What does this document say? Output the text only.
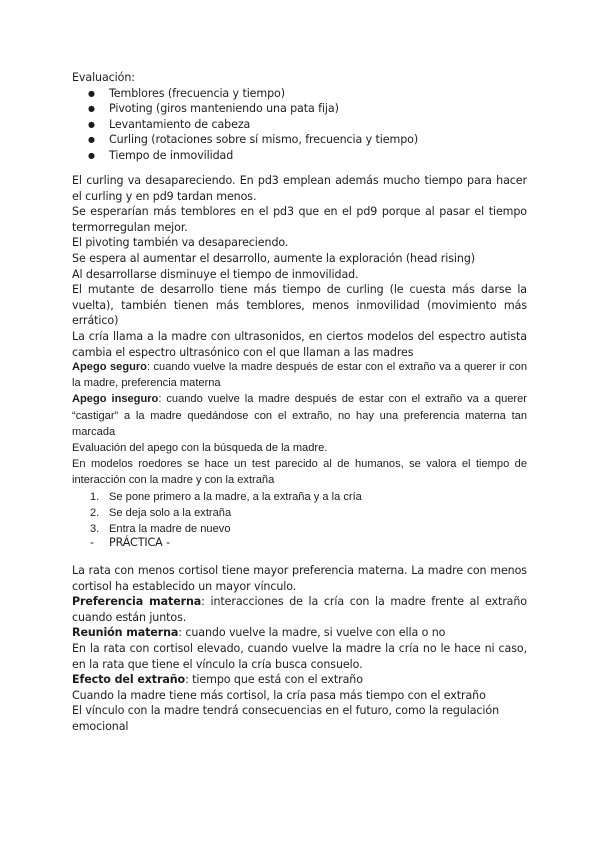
Evaluación:

● Temblores (frecuencia y tiempo)
● Pivoting (giros manteniendo una pata fija)
● Levantamiento de cabeza
● Curling (rotaciones sobre sí mismo, frecuencia y tiempo)
● Tiempo de inmovilidad

El curling va desapareciendo. En pd3 emplean además mucho tiempo para hacer el curling y en pd9 tardan menos.

Se esperarían más temblores en el pd3 que en el pd9 porque al pasar el tiempo termorregulan mejor.

El pivoting también va desapareciendo.

Se espera al aumentar el desarrollo, aumente la exploración (head rising)

Al desarrollarse disminuye el tiempo de inmovilidad.

El mutante de desarrollo tiene más tiempo de curling (le cuesta más darse la vuelta), también tienen más temblores, menos inmovilidad (movimiento más errático)

La cría llama a la madre con ultrasonidos, en ciertos modelos del espectro autista cambia el espectro ultrasónico con el que llaman a las madres

Apego seguro: cuando vuelve la madre después de estar con el extraño va a querer ir con la madre, preferencia materna

Apego inseguro: cuando vuelve la madre después de estar con el extraño va a querer “castigar” a la madre quedándose con el extraño, no hay una preferencia materna tan marcada

Evaluación del apego con la búsqueda de la madre.

En modelos roedores se hace un test parecido al de humanos, se valora el tiempo de interacción con la madre y con la extraña

1. Se pone primero a la madre, a la extraña y a la cría
2. Se deja solo a la extraña
3. Entra la madre de nuevo
-	PRÁCTICA -

La rata con menos cortisol tiene mayor preferencia materna. La madre con menos cortisol ha establecido un mayor vínculo.

Preferencia materna: interacciones de la cría con la madre frente al extraño cuando están juntos.

Reunión materna: cuando vuelve la madre, si vuelve con ella o no

En la rata con cortisol elevado, cuando vuelve la madre la cría no le hace ni caso, en la rata que tiene el vínculo la cría busca consuelo.

Efecto del extraño: tiempo que está con el extraño

Cuando la madre tiene más cortisol, la cría pasa más tiempo con el extraño

El vínculo con la madre tendrá consecuencias en el futuro, como la regulación emocional
